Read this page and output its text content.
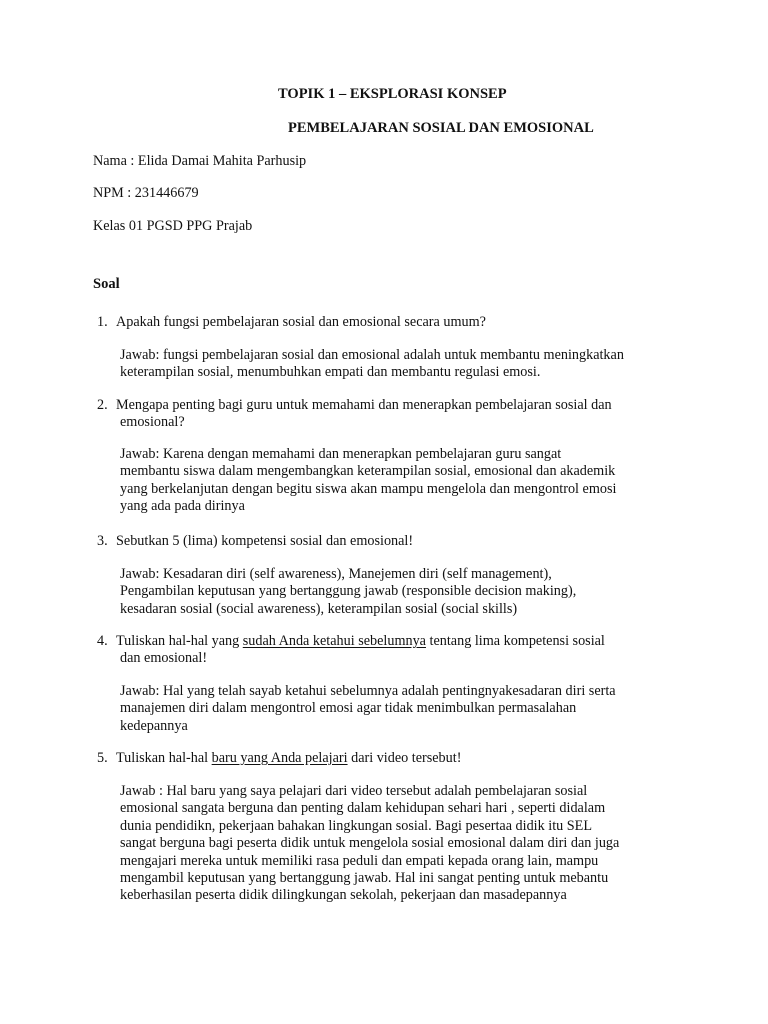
TOPIK 1 – EKSPLORASI KONSEP
PEMBELAJARAN SOSIAL DAN EMOSIONAL
Nama : Elida Damai Mahita Parhusip
NPM : 231446679
Kelas 01 PGSD PPG Prajab
Soal
1. Apakah fungsi pembelajaran sosial dan emosional secara umum?
Jawab: fungsi pembelajaran sosial dan emosional adalah untuk membantu meningkatkan
keterampilan sosial, menumbuhkan empati dan membantu regulasi emosi.
2. Mengapa penting bagi guru untuk memahami dan menerapkan pembelajaran sosial dan
emosional?
Jawab: Karena dengan memahami dan menerapkan pembelajaran guru sangat
membantu siswa dalam mengembangkan keterampilan sosial, emosional dan akademik
yang berkelanjutan dengan begitu siswa akan mampu mengelola dan mengontrol emosi
yang ada pada dirinya
3. Sebutkan 5 (lima) kompetensi sosial dan emosional!
Jawab: Kesadaran diri (self awareness), Manejemen diri (self management),
Pengambilan keputusan yang bertanggung jawab (responsible decision making),
kesadaran sosial (social awareness), keterampilan sosial (social skills)
4. Tuliskan hal-hal yang sudah Anda ketahui sebelumnya tentang lima kompetensi sosial
dan emosional!
Jawab: Hal yang telah sayab ketahui sebelumnya adalah pentingnyakesadaran diri serta
manajemen diri dalam mengontrol emosi agar tidak menimbulkan permasalahan
kedepannya
5. Tuliskan hal-hal baru yang Anda pelajari dari video tersebut!
Jawab : Hal baru yang saya pelajari dari video tersebut adalah pembelajaran sosial
emosional sangata berguna dan penting dalam kehidupan sehari hari , seperti didalam
dunia pendidikn, pekerjaan bahakan lingkungan sosial. Bagi pesertaa didik itu SEL
sangat berguna bagi peserta didik untuk mengelola sosial emosional dalam diri dan juga
mengajari mereka untuk memiliki rasa peduli dan empati kepada orang lain, mampu
mengambil keputusan yang bertanggung jawab. Hal ini sangat penting untuk mebantu
keberhasilan peserta didik dilingkungan sekolah, pekerjaan dan masadepannya
